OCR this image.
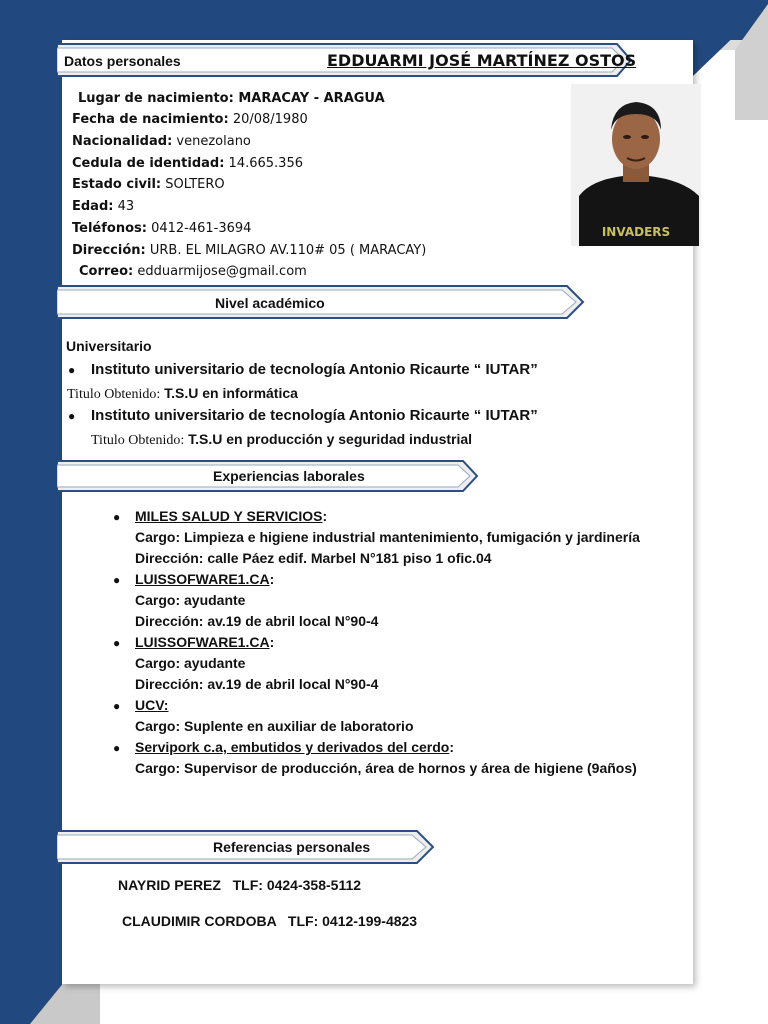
Datos personales	EDDUARMI JOSÉ MARTÍNEZ OSTOS
Lugar de nacimiento: MARACAY - ARAGUA
Fecha de nacimiento: 20/08/1980
Nacionalidad: venezolano
Cedula de identidad: 14.665.356
Estado civil: SOLTERO
Edad: 43
Teléfonos: 0412-461-3694
Dirección: URB. EL MILAGRO AV.110# 05 ( MARACAY)
Correo: edduarmijose@gmail.com
INVADERS
Nivel académico
Universitario
● Instituto universitario de tecnología Antonio Ricaurte “ IUTAR”
Titulo Obtenido: T.S.U en informática
● Instituto universitario de tecnología Antonio Ricaurte “ IUTAR”
Titulo Obtenido: T.S.U en producción y seguridad industrial
Experiencias laborales
● MILES SALUD Y SERVICIOS:
Cargo: Limpieza e higiene industrial mantenimiento, fumigación y jardinería
Dirección: calle Páez edif. Marbel N°181 piso 1 ofic.04
● LUISSOFWARE1.CA:
Cargo: ayudante
Dirección: av.19 de abril local N°90-4
● LUISSOFWARE1.CA:
Cargo: ayudante
Dirección: av.19 de abril local N°90-4
● UCV:
Cargo: Suplente en auxiliar de laboratorio
● Servipork c.a, embutidos y derivados del cerdo:
Cargo: Supervisor de producción, área de hornos y área de higiene (9años)
Referencias personales
NAYRID PEREZ   TLF: 0424-358-5112
CLAUDIMIR CORDOBA   TLF: 0412-199-4823
